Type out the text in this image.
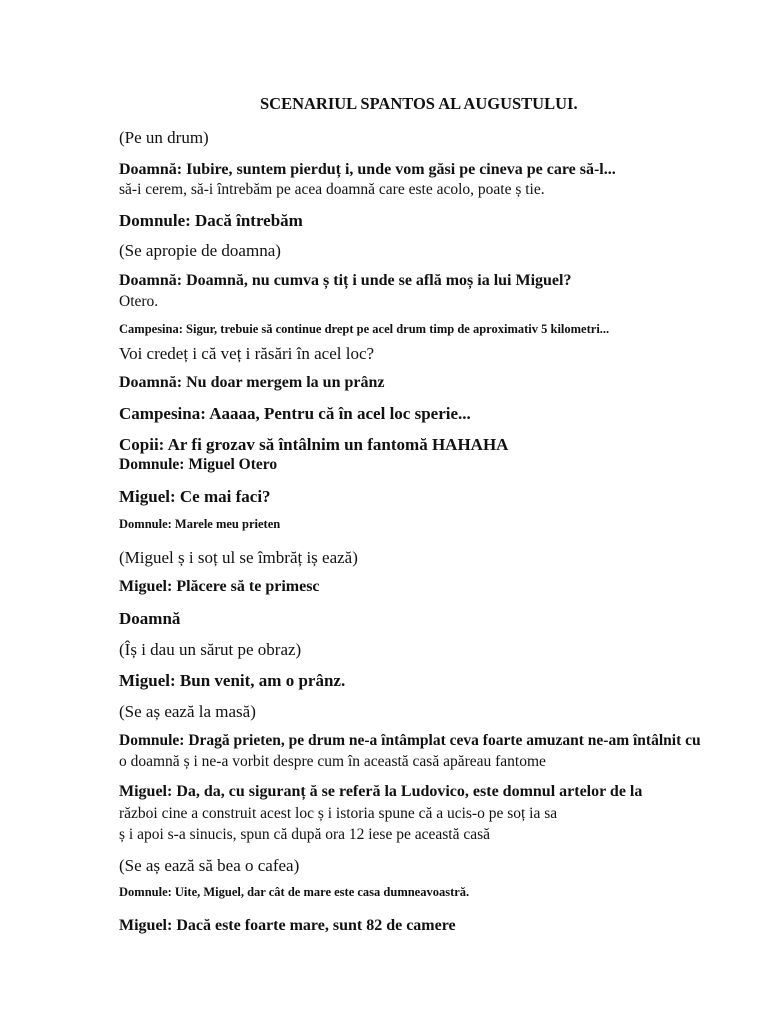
SCENARIUL SPANTOS AL AUGUSTULUI.
(Pe un drum)
Doamnă: Iubire, suntem pierduț i, unde vom găsi pe cineva pe care să-l...
să-i cerem, să-i întrebăm pe acea doamnă care este acolo, poate ș tie.
Domnule: Dacă întrebăm
(Se apropie de doamna)
Doamnă: Doamnă, nu cumva ș tiț i unde se află moș ia lui Miguel?
Otero.
Campesina: Sigur, trebuie să continue drept pe acel drum timp de aproximativ 5 kilometri...
Voi credeț i că veț i răsări în acel loc?
Doamnă: Nu doar mergem la un prânz
Campesina: Aaaaa, Pentru că în acel loc sperie...
Copii: Ar fi grozav să întâlnim un fantomă HAHAHA
Domnule: Miguel Otero
Miguel: Ce mai faci?
Domnule: Marele meu prieten
(Miguel ș i soț ul se îmbrăț iș ează)
Miguel: Plăcere să te primesc
Doamnă
(Îș i dau un sărut pe obraz)
Miguel: Bun venit, am o prânz.
(Se aș ează la masă)
Domnule: Dragă prieten, pe drum ne-a întâmplat ceva foarte amuzant ne-am întâlnit cu
o doamnă ș i ne-a vorbit despre cum în această casă apăreau fantome
Miguel: Da, da, cu siguranț ă se referă la Ludovico, este domnul artelor de la
război cine a construit acest loc ș i istoria spune că a ucis-o pe soț ia sa
ș i apoi s-a sinucis, spun că după ora 12 iese pe această casă
(Se aș ează să bea o cafea)
Domnule: Uite, Miguel, dar cât de mare este casa dumneavoastră.
Miguel: Dacă este foarte mare, sunt 82 de camere
